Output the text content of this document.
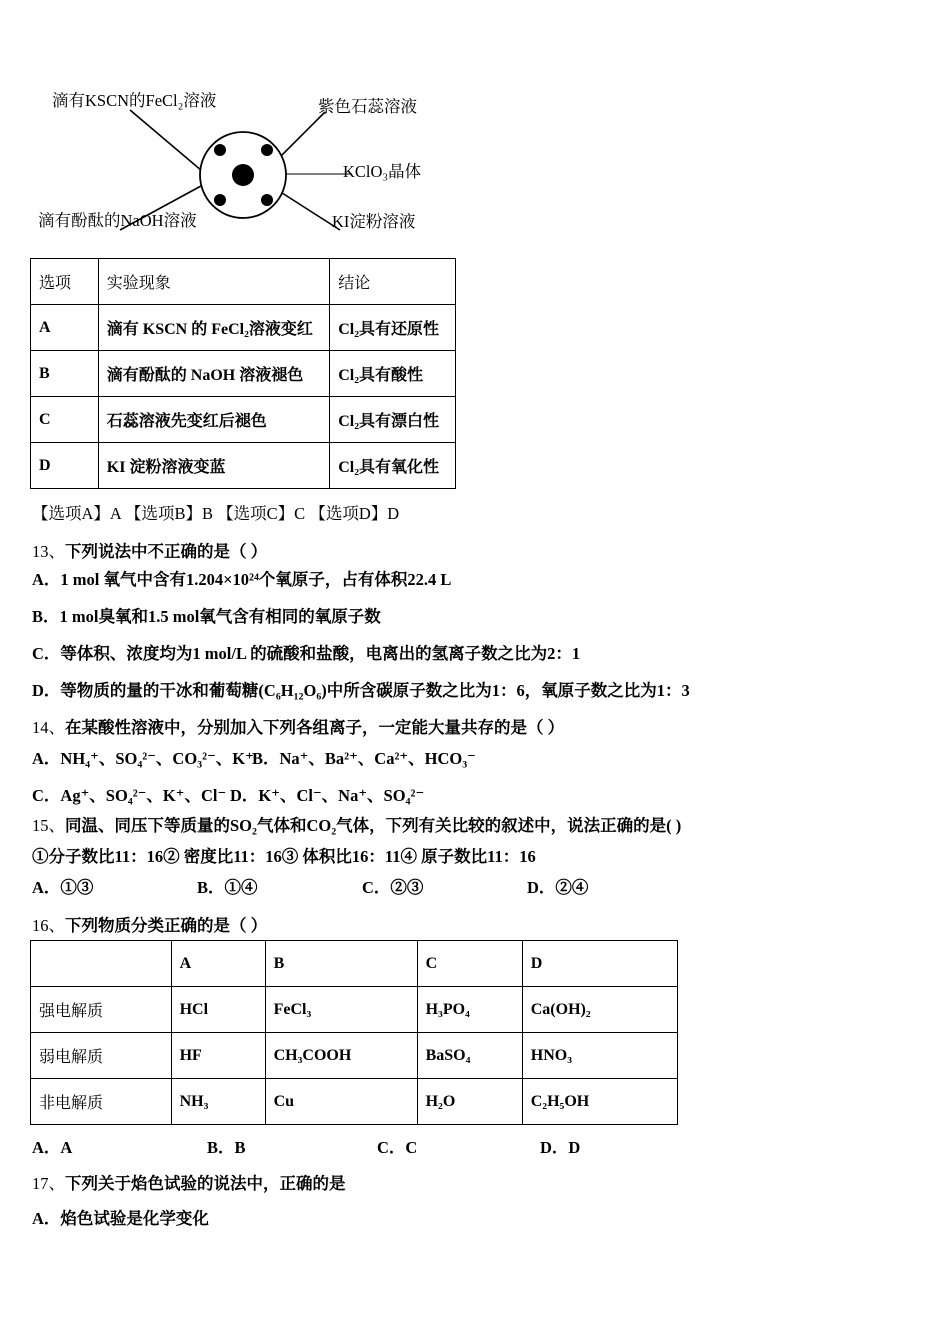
滴有KSCN的FeCl₂溶液	紫色石蕊溶液
KClO₃晶体
滴有酚酞的NaOH溶液	KI淀粉溶液
选项	实验现象	结论
A	滴有 KSCN 的 FeCl₂溶液变红	Cl₂具有还原性
B	滴有酚酞的 NaOH 溶液褪色	Cl₂具有酸性
C	石蕊溶液先变红后褪色	Cl₂具有漂白性
D	KI 淀粉溶液变蓝	Cl₂具有氧化性
【选项A】A 【选项B】B 【选项C】C 【选项D】D
13、下列说法中不正确的是（ ）
A．1 mol 氧气中含有1.204×10²⁴个氧原子，占有体积22.4 L
B．1 mol臭氧和1.5 mol氧气含有相同的氧原子数
C．等体积、浓度均为1 mol/L 的硫酸和盐酸，电离出的氢离子数之比为2：1
D．等物质的量的干冰和葡萄糖(C₆H₁₂O₆)中所含碳原子数之比为1：6，氧原子数之比为1：3
14、在某酸性溶液中，分别加入下列各组离子，一定能大量共存的是（ ）
A．NH₄⁺、SO₄²⁻、CO₃²⁻、K⁺
B．Na⁺、Ba²⁺、Ca²⁺、HCO₃⁻
C．Ag⁺、SO₄²⁻、K⁺、Cl⁻ D．K⁺、Cl⁻、Na⁺、SO₄²⁻
15、同温、同压下等质量的SO₂气体和CO₂气体，下列有关比较的叙述中，说法正确的是( )
①分子数比11：16② 密度比11：16③ 体积比16：11④ 原子数比11：16
A．①③	B．①④	C．②③	D．②④
16、下列物质分类正确的是（ ）
	A	B	C	D
强电解质	HCl	FeCl₃	H₃PO₄	Ca(OH)₂
弱电解质	HF	CH₃COOH	BaSO₄	HNO₃
非电解质	NH₃	Cu	H₂O	C₂H₅OH
A．A	B．B	C．C	D．D
17、下列关于焰色试验的说法中，正确的是
A．焰色试验是化学变化
